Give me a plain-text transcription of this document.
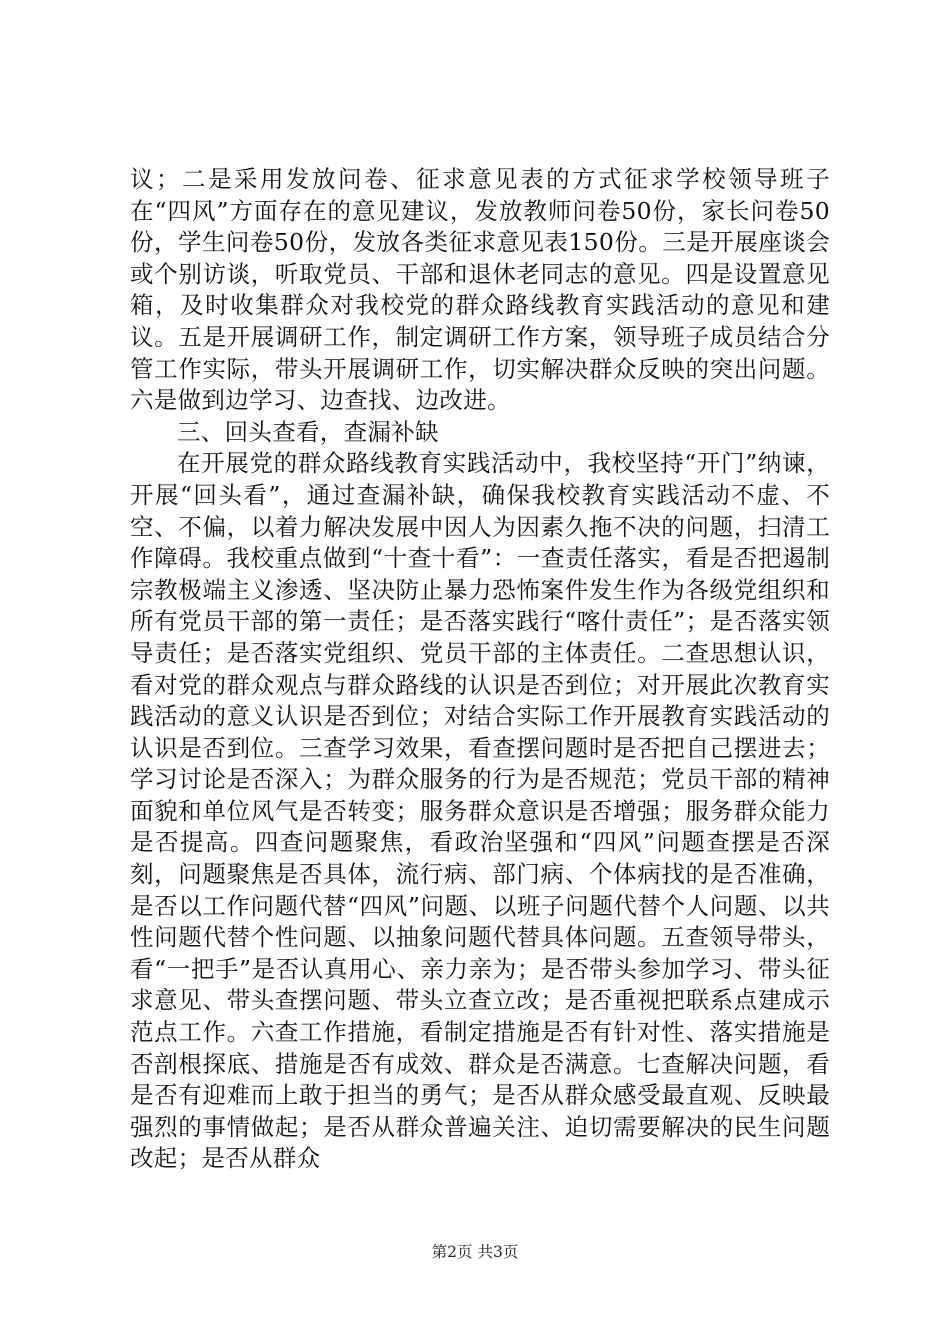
议；二是采用发放问卷、征求意见表的方式征求学校领导班子在“四风”方面存在的意见建议，发放教师问卷50份，家长问卷50份，学生问卷50份，发放各类征求意见表150份。三是开展座谈会或个别访谈，听取党员、干部和退休老同志的意见。四是设置意见箱，及时收集群众对我校党的群众路线教育实践活动的意见和建议。五是开展调研工作，制定调研工作方案，领导班子成员结合分管工作实际，带头开展调研工作，切实解决群众反映的突出问题。六是做到边学习、边查找、边改进。

三、回头查看，查漏补缺

在开展党的群众路线教育实践活动中，我校坚持“开门”纳谏，开展“回头看”，通过查漏补缺，确保我校教育实践活动不虚、不空、不偏，以着力解决发展中因人为因素久拖不决的问题，扫清工作障碍。我校重点做到“十查十看”：一查责任落实，看是否把遏制宗教极端主义渗透、坚决防止暴力恐怖案件发生作为各级党组织和所有党员干部的第一责任；是否落实践行“喀什责任”；是否落实领导责任；是否落实党组织、党员干部的主体责任。二查思想认识，看对党的群众观点与群众路线的认识是否到位；对开展此次教育实践活动的意义认识是否到位；对结合实际工作开展教育实践活动的认识是否到位。三查学习效果，看查摆问题时是否把自己摆进去；学习讨论是否深入；为群众服务的行为是否规范；党员干部的精神面貌和单位风气是否转变；服务群众意识是否增强；服务群众能力是否提高。四查问题聚焦，看政治坚强和“四风”问题查摆是否深刻，问题聚焦是否具体，流行病、部门病、个体病找的是否准确，是否以工作问题代替“四风”问题、以班子问题代替个人问题、以共性问题代替个性问题、以抽象问题代替具体问题。五查领导带头，看“一把手”是否认真用心、亲力亲为；是否带头参加学习、带头征求意见、带头查摆问题、带头立查立改；是否重视把联系点建成示范点工作。六查工作措施，看制定措施是否有针对性、落实措施是否剖根探底、措施是否有成效、群众是否满意。七查解决问题，看是否有迎难而上敢于担当的勇气；是否从群众感受最直观、反映最强烈的事情做起；是否从群众普遍关注、迫切需要解决的民生问题改起；是否从群众

第2页 共3页
